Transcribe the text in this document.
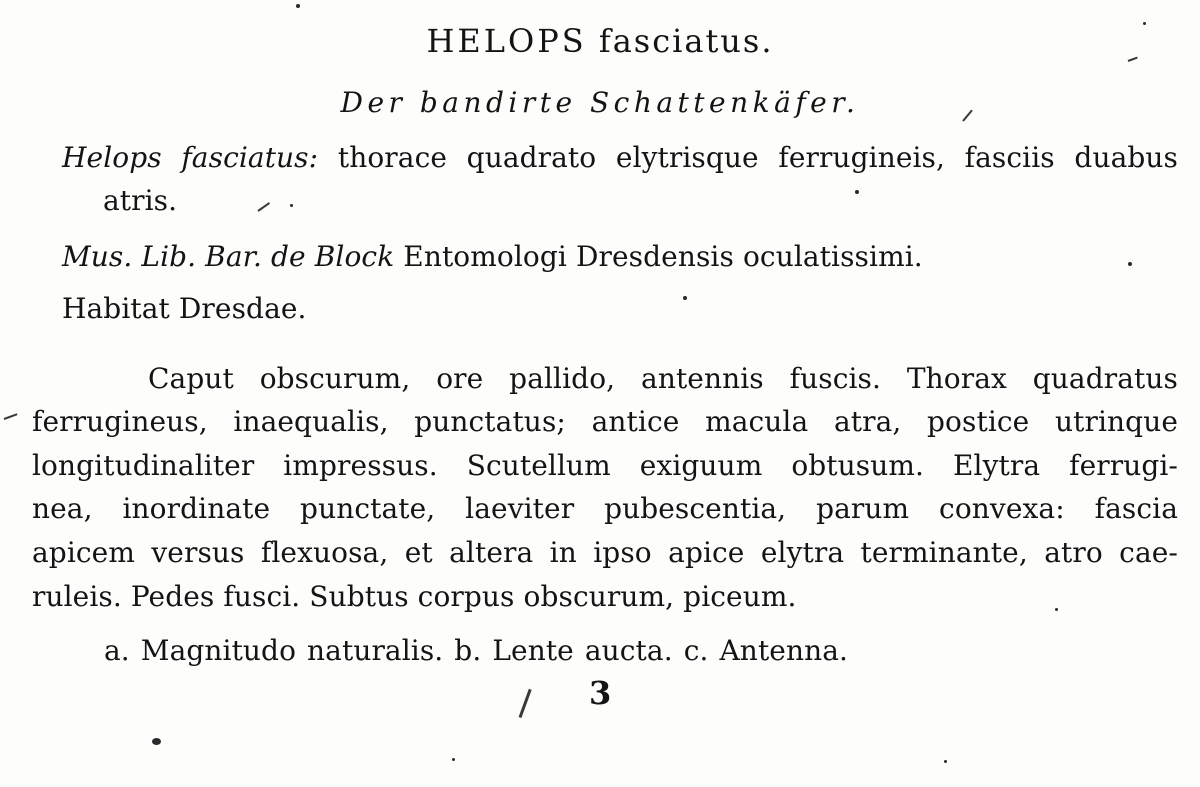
HELOPS fasciatus.
Der bandirte Schattenkäfer.
Helops fasciatus: thorace quadrato elytrisque ferrugineis, fasciis duabus
atris.
Mus. Lib. Bar. de Block Entomologi Dresdensis oculatissimi.
Habitat Dresdae.
Caput obscurum, ore pallido, antennis fuscis. Thorax quadratus
ferrugineus, inaequalis, punctatus; antice macula atra, postice utrinque
longitudinaliter impressus. Scutellum exiguum obtusum. Elytra ferrugi-
nea, inordinate punctate, laeviter pubescentia, parum convexa: fascia
apicem versus flexuosa, et altera in ipso apice elytra terminante, atro cae-
ruleis. Pedes fusci. Subtus corpus obscurum, piceum.
a. Magnitudo naturalis. b. Lente aucta. c. Antenna.
3
